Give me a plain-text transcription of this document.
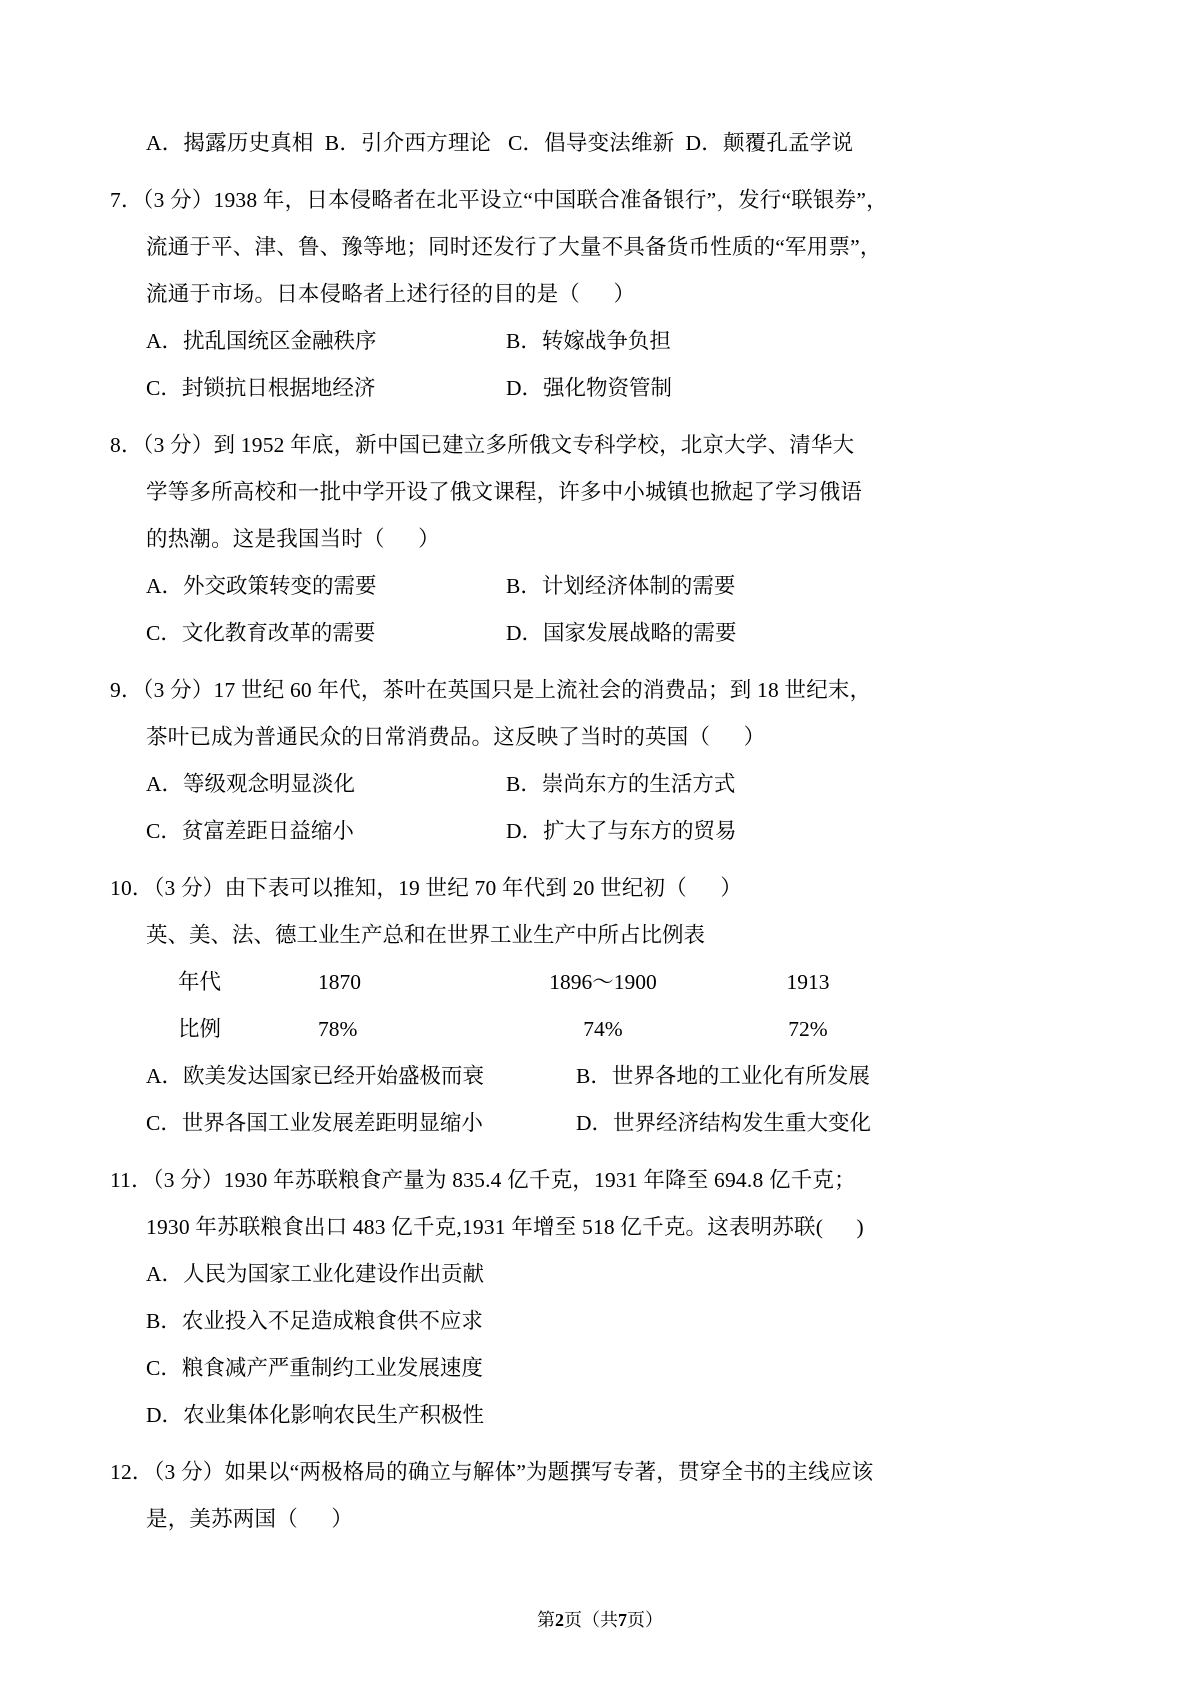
A．揭露历史真相  B．引介西方理论   C．倡导变法维新  D．颠覆孔孟学说
7．（3 分）1938 年，日本侵略者在北平设立“中国联合准备银行”，发行“联银券”，
流通于平、津、鲁、豫等地；同时还发行了大量不具备货币性质的“军用票”，
流通于市场。日本侵略者上述行径的目的是（      ）
A．扰乱国统区金融秩序	B．转嫁战争负担
C．封锁抗日根据地经济	D．强化物资管制
8．（3 分）到 1952 年底，新中国已建立多所俄文专科学校，北京大学、清华大
学等多所高校和一批中学开设了俄文课程，许多中小城镇也掀起了学习俄语
的热潮。这是我国当时（      ）
A．外交政策转变的需要	B．计划经济体制的需要
C．文化教育改革的需要	D．国家发展战略的需要
9．（3 分）17 世纪 60 年代，茶叶在英国只是上流社会的消费品；到 18 世纪末，
茶叶已成为普通民众的日常消费品。这反映了当时的英国（      ）
A．等级观念明显淡化	B．崇尚东方的生活方式
C．贫富差距日益缩小	D．扩大了与东方的贸易
10．（3 分）由下表可以推知，19 世纪 70 年代到 20 世纪初（      ）
英、美、法、德工业生产总和在世界工业生产中所占比例表
年代	1870	1896～1900	1913
比例	78%	74%	72%
A．欧美发达国家已经开始盛极而衰	B．世界各地的工业化有所发展
C．世界各国工业发展差距明显缩小	D．世界经济结构发生重大变化
11．（3 分）1930 年苏联粮食产量为 835.4 亿千克，1931 年降至 694.8 亿千克；
1930 年苏联粮食出口 483 亿千克,1931 年增至 518 亿千克。这表明苏联(      )
A．人民为国家工业化建设作出贡献
B．农业投入不足造成粮食供不应求
C．粮食减产严重制约工业发展速度
D．农业集体化影响农民生产积极性
12．（3 分）如果以“两极格局的确立与解体”为题撰写专著，贯穿全书的主线应该
是，美苏两国（      ）
第2页（共7页）
